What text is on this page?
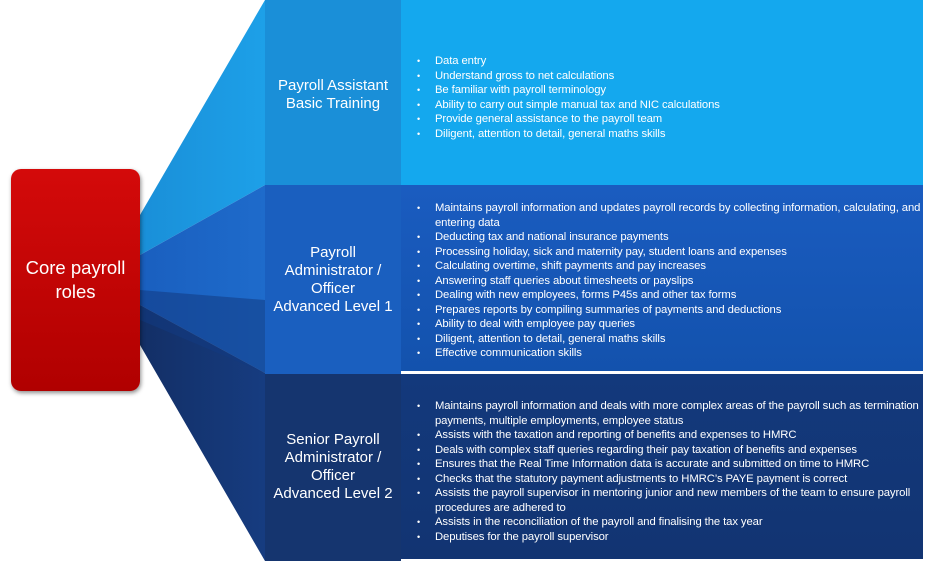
Core payroll roles
Payroll Assistant
Basic Training
Payroll
Administrator /
Officer
Advanced Level 1
Senior Payroll
Administrator /
Officer
Advanced Level 2
• Data entry
• Understand gross to net calculations
• Be familiar with payroll terminology
• Ability to carry out simple manual tax and NIC calculations
• Provide general assistance to the payroll team
• Diligent, attention to detail, general maths skills
• Maintains payroll information and updates payroll records by collecting information, calculating, and entering data
• Deducting tax and national insurance payments
• Processing holiday, sick and maternity pay, student loans and expenses
• Calculating overtime, shift payments and pay increases
• Answering staff queries about timesheets or payslips
• Dealing with new employees, forms P45s and other tax forms
• Prepares reports by compiling summaries of payments and deductions
• Ability to deal with employee pay queries
• Diligent, attention to detail, general maths skills
• Effective communication skills
• Maintains payroll information and deals with more complex areas of the payroll such as termination payments, multiple employments, employee status
• Assists with the taxation and reporting of benefits and expenses to HMRC
• Deals with complex staff queries regarding their pay taxation of benefits and expenses
• Ensures that the Real Time Information data is accurate and submitted on time to HMRC
• Checks that the statutory payment adjustments to HMRC’s PAYE payment is correct
• Assists the payroll supervisor in mentoring junior and new members of the team to ensure payroll procedures are adhered to
• Assists in the reconciliation of the payroll and finalising the tax year
• Deputises for the payroll supervisor
